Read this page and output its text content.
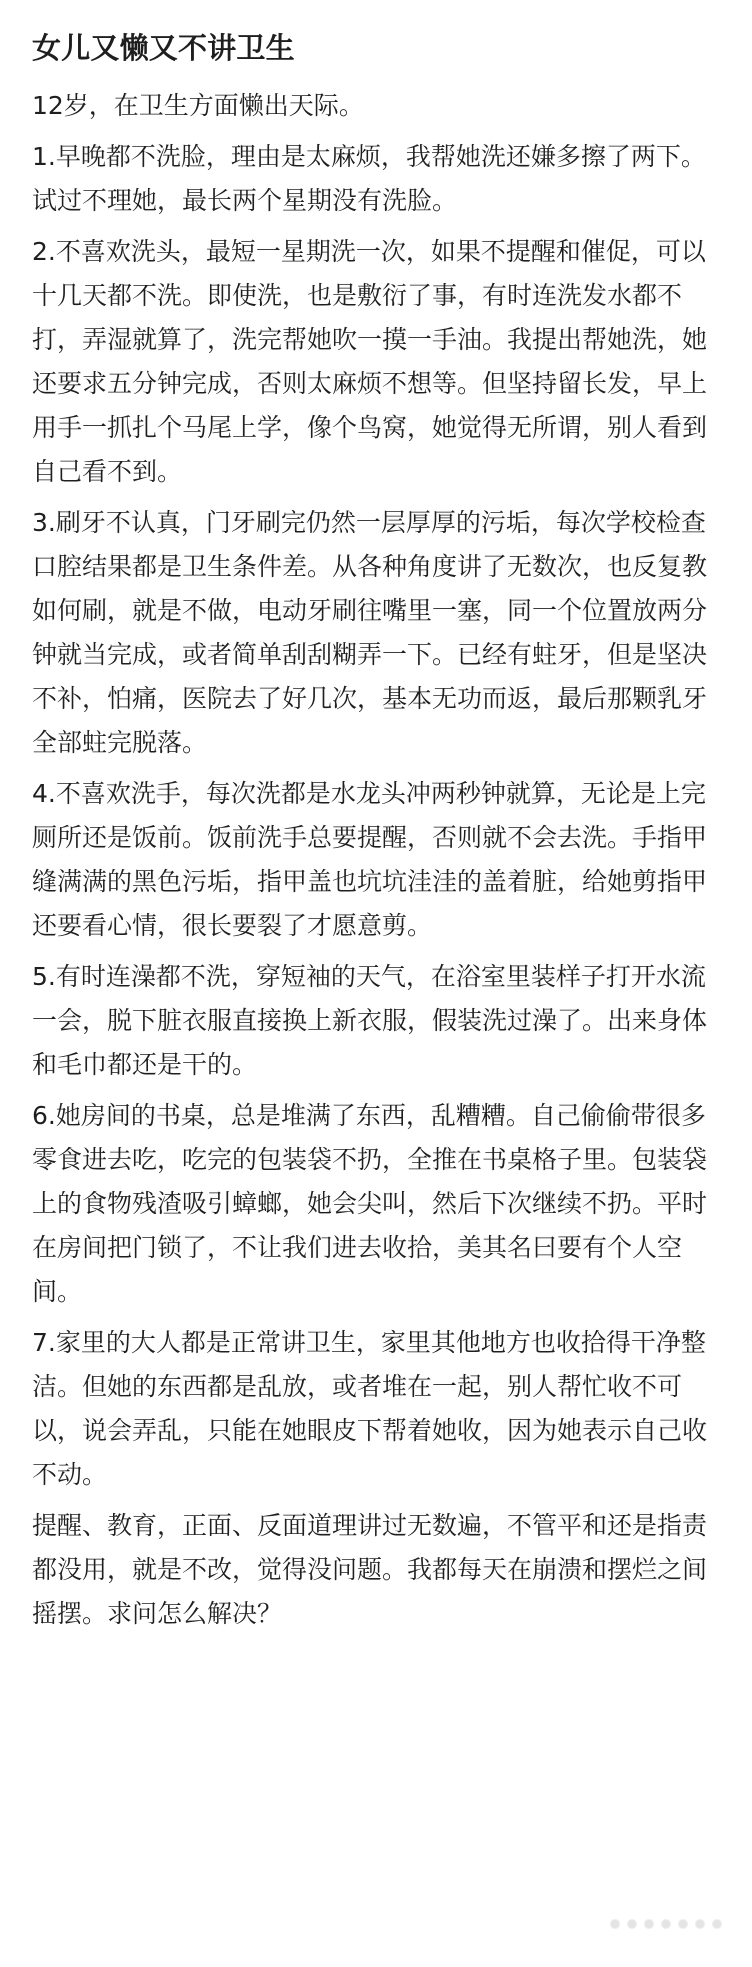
女儿又懒又不讲卫生

12岁，在卫生方面懒出天际。

1.早晚都不洗脸，理由是太麻烦，我帮她洗还嫌多擦了两下。试过不理她，最长两个星期没有洗脸。

2.不喜欢洗头，最短一星期洗一次，如果不提醒和催促，可以十几天都不洗。即使洗，也是敷衍了事，有时连洗发水都不打，弄湿就算了，洗完帮她吹一摸一手油。我提出帮她洗，她还要求五分钟完成，否则太麻烦不想等。但坚持留长发，早上用手一抓扎个马尾上学，像个鸟窝，她觉得无所谓，别人看到自己看不到。

3.刷牙不认真，门牙刷完仍然一层厚厚的污垢，每次学校检查口腔结果都是卫生条件差。从各种角度讲了无数次，也反复教如何刷，就是不做，电动牙刷往嘴里一塞，同一个位置放两分钟就当完成，或者简单刮刮糊弄一下。已经有蛀牙，但是坚决不补，怕痛，医院去了好几次，基本无功而返，最后那颗乳牙全部蛀完脱落。

4.不喜欢洗手，每次洗都是水龙头冲两秒钟就算，无论是上完厕所还是饭前。饭前洗手总要提醒，否则就不会去洗。手指甲缝满满的黑色污垢，指甲盖也坑坑洼洼的盖着脏，给她剪指甲还要看心情，很长要裂了才愿意剪。

5.有时连澡都不洗，穿短袖的天气，在浴室里装样子打开水流一会，脱下脏衣服直接换上新衣服，假装洗过澡了。出来身体和毛巾都还是干的。

6.她房间的书桌，总是堆满了东西，乱糟糟。自己偷偷带很多零食进去吃，吃完的包装袋不扔，全推在书桌格子里。包装袋上的食物残渣吸引蟑螂，她会尖叫，然后下次继续不扔。平时在房间把门锁了，不让我们进去收拾，美其名曰要有个人空间。

7.家里的大人都是正常讲卫生，家里其他地方也收拾得干净整洁。但她的东西都是乱放，或者堆在一起，别人帮忙收不可以，说会弄乱，只能在她眼皮下帮着她收，因为她表示自己收不动。

提醒、教育，正面、反面道理讲过无数遍，不管平和还是指责都没用，就是不改，觉得没问题。我都每天在崩溃和摆烂之间摇摆。求问怎么解决？
